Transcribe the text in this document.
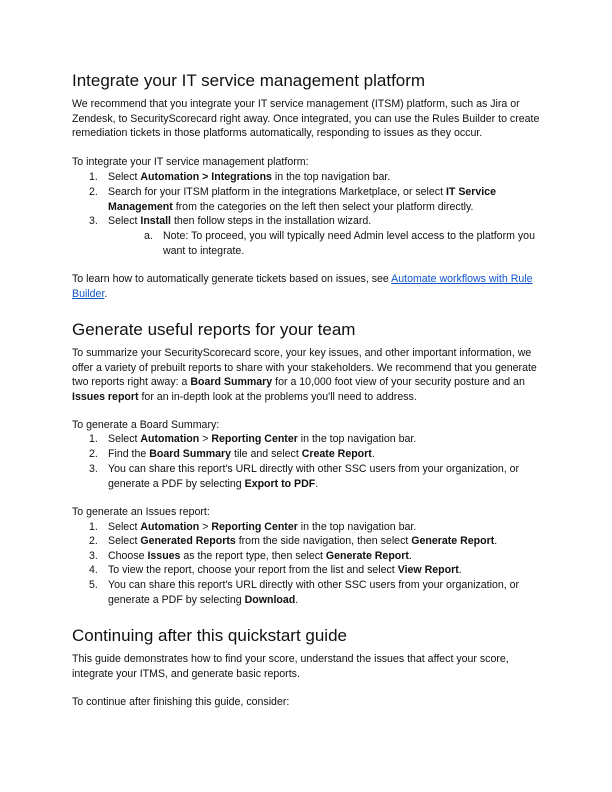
Integrate your IT service management platform

We recommend that you integrate your IT service management (ITSM) platform, such as Jira or Zendesk, to SecurityScorecard right away. Once integrated, you can use the Rules Builder to create remediation tickets in those platforms automatically, responding to issues as they occur.

To integrate your IT service management platform:

1. Select Automation > Integrations in the top navigation bar.
2. Search for your ITSM platform in the integrations Marketplace, or select IT Service Management from the categories on the left then select your platform directly.
3. Select Install then follow steps in the installation wizard.
a. Note: To proceed, you will typically need Admin level access to the platform you want to integrate.

To learn how to automatically generate tickets based on issues, see Automate workflows with Rule Builder.

Generate useful reports for your team

To summarize your SecurityScorecard score, your key issues, and other important information, we offer a variety of prebuilt reports to share with your stakeholders. We recommend that you generate two reports right away: a Board Summary for a 10,000 foot view of your security posture and an Issues report for an in-depth look at the problems you'll need to address.

To generate a Board Summary:

1. Select Automation > Reporting Center in the top navigation bar.
2. Find the Board Summary tile and select Create Report.
3. You can share this report's URL directly with other SSC users from your organization, or generate a PDF by selecting Export to PDF.

To generate an Issues report:

1. Select Automation > Reporting Center in the top navigation bar.
2. Select Generated Reports from the side navigation, then select Generate Report.
3. Choose Issues as the report type, then select Generate Report.
4. To view the report, choose your report from the list and select View Report.
5. You can share this report's URL directly with other SSC users from your organization, or generate a PDF by selecting Download.
Continuing after this quickstart guide

This guide demonstrates how to find your score, understand the issues that affect your score, integrate your ITMS, and generate basic reports.

To continue after finishing this guide, consider:
